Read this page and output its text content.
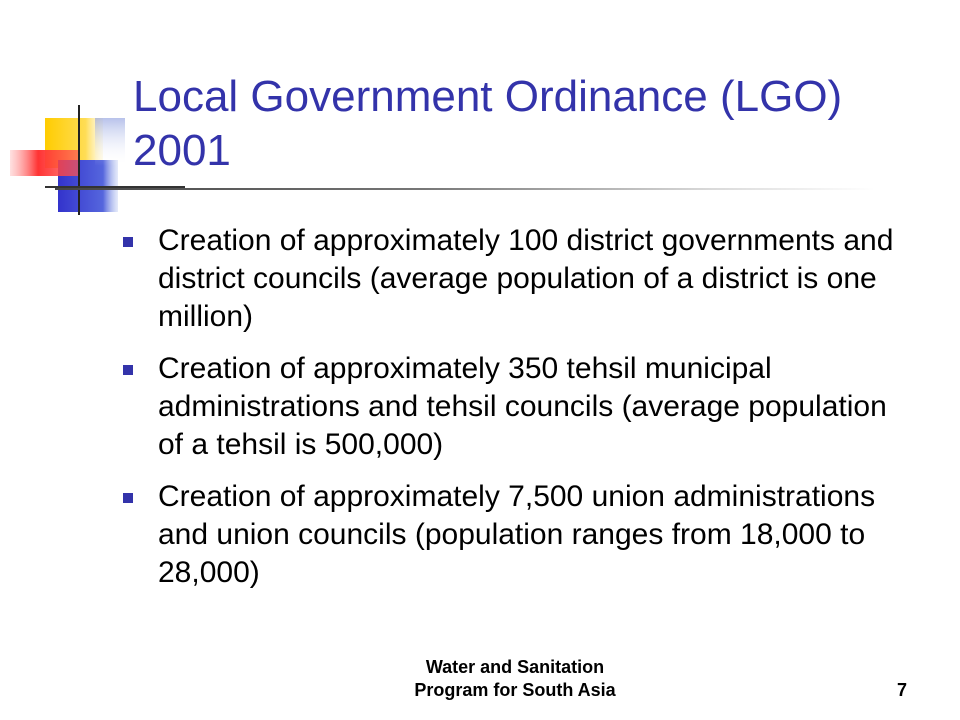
Local Government Ordinance (LGO) 2001
Creation of approximately 100 district governments and district councils (average population of a district is one million)
Creation of approximately 350 tehsil municipal administrations and tehsil councils (average population of a tehsil is 500,000)
Creation of approximately 7,500 union administrations and union councils (population ranges from 18,000 to 28,000)
Water and Sanitation
Program for South Asia	7
